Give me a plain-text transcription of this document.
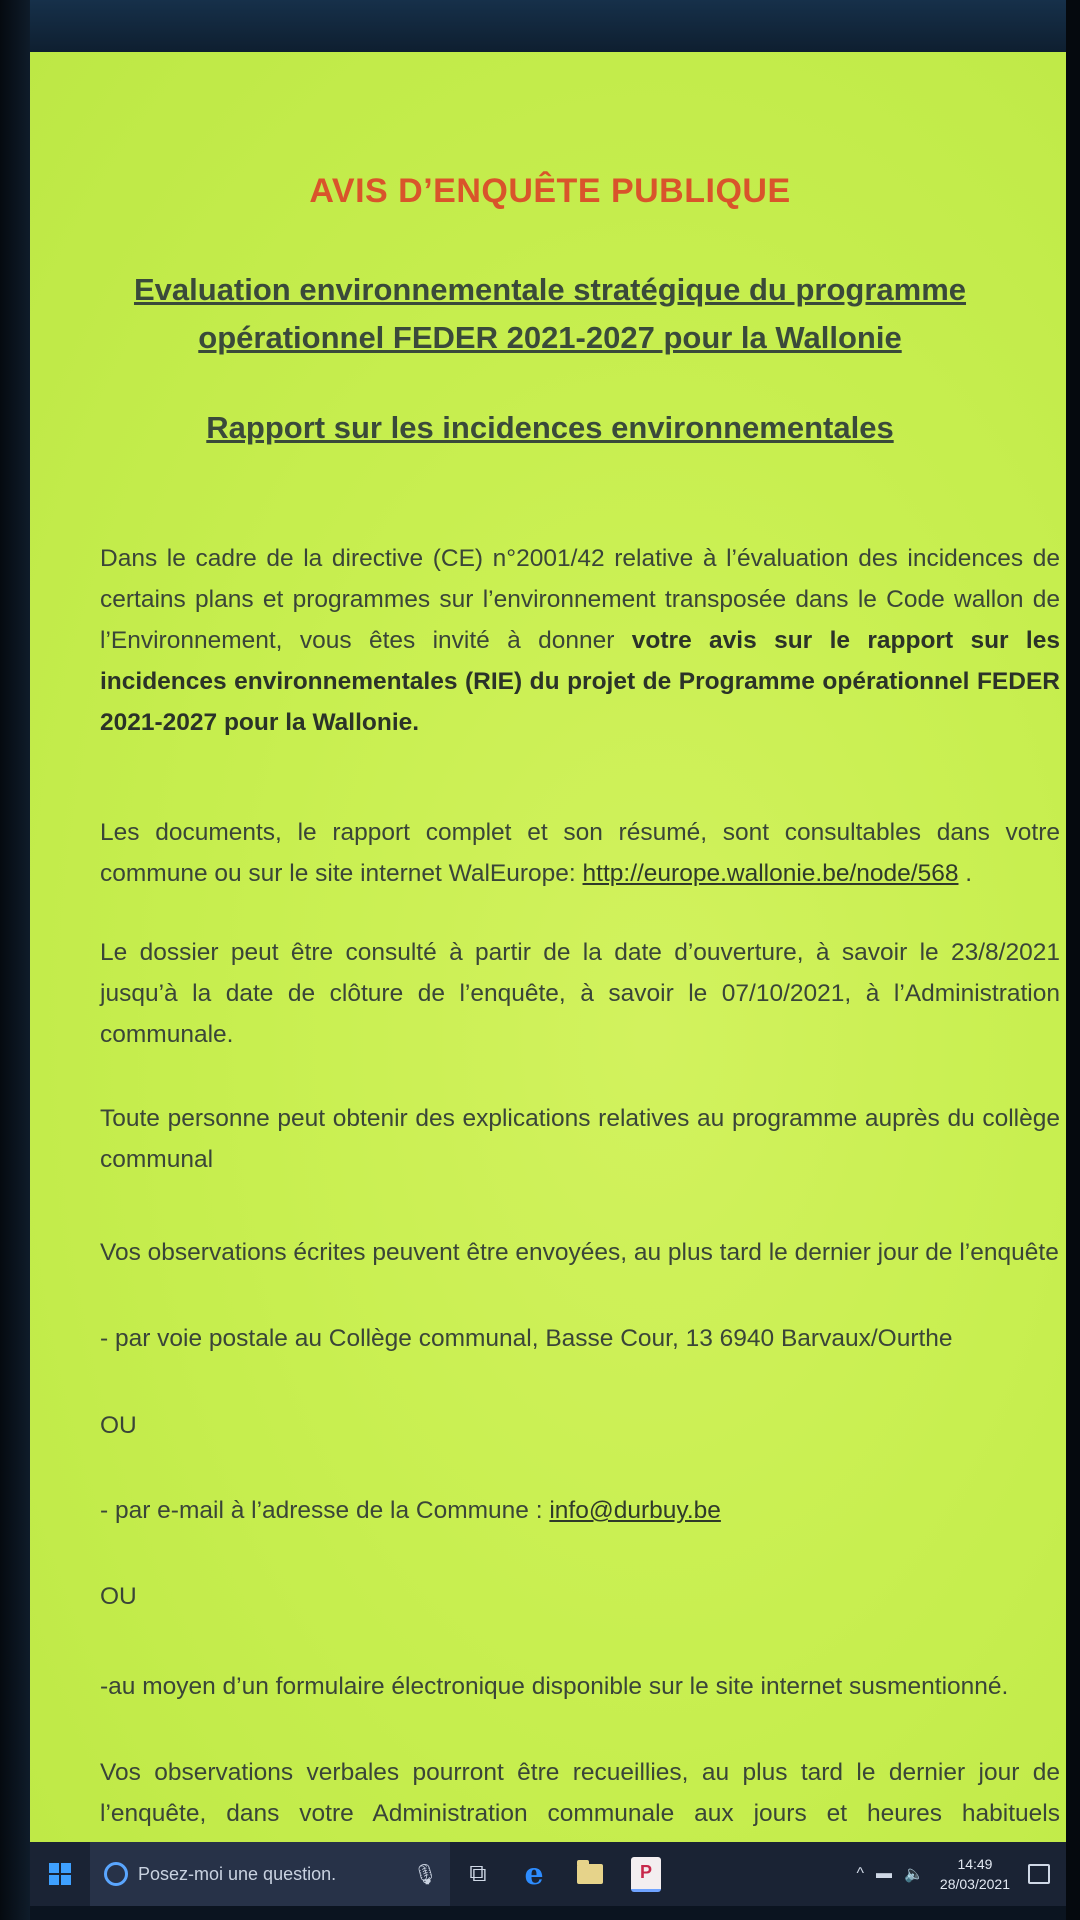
AVIS D’ENQUÊTE PUBLIQUE
Evaluation environnementale stratégique du programme
opérationnel FEDER 2021-2027 pour la Wallonie
Rapport sur les incidences environnementales
Dans le cadre de la directive (CE) n°2001/42 relative à l’évaluation des incidences de certains plans et programmes sur l’environnement transposée dans le Code wallon de l’Environnement, vous êtes invité à donner votre avis sur le rapport sur les incidences environnementales (RIE) du projet de Programme opérationnel FEDER 2021-2027 pour la Wallonie.
Les documents, le rapport complet et son résumé, sont consultables dans votre commune ou sur le site internet WalEurope: http://europe.wallonie.be/node/568 .
Le dossier peut être consulté à partir de la date d’ouverture, à savoir le 23/8/2021 jusqu’à la date de clôture de l’enquête, à savoir le 07/10/2021, à l’Administration communale.
Toute personne peut obtenir des explications relatives au programme auprès du collège communal
Vos observations écrites peuvent être envoyées, au plus tard le dernier jour de l’enquête
- par voie postale au Collège communal, Basse Cour, 13 6940 Barvaux/Ourthe
OU
- par e-mail à l’adresse de la Commune : info@durbuy.be
OU
-au moyen d’un formulaire électronique disponible sur le site internet susmentionné.
Vos observations verbales pourront être recueillies, au plus tard le dernier jour de l’enquête, dans votre Administration communale aux jours et heures habituels
Posez-moi une question.	🎙 ⧉ e	P	^ ▬ 🔈
14:49
28/03/2021
